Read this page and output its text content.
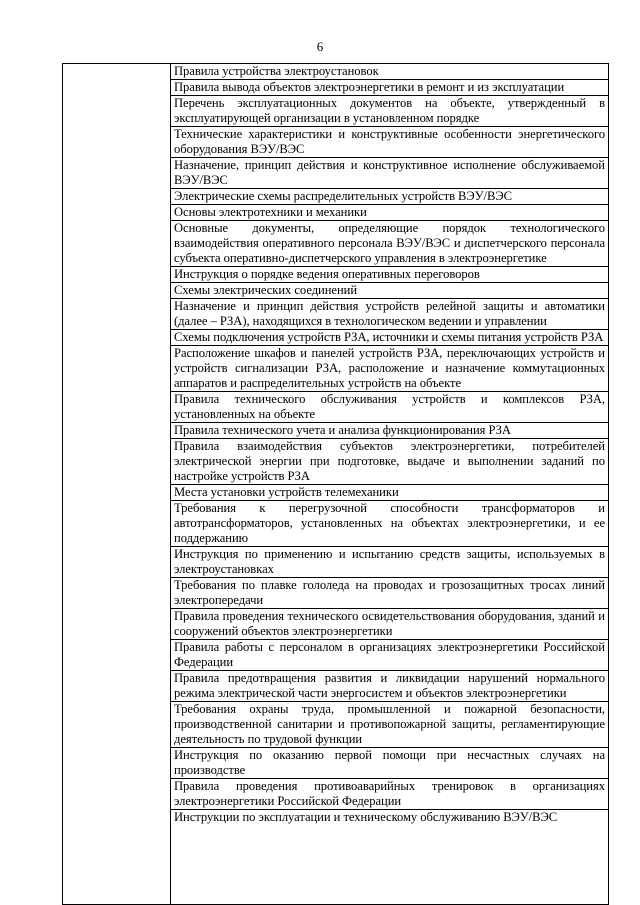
6

Правила устройства электроустановок
Правила вывода объектов электроэнергетики в ремонт и из эксплуатации
Перечень эксплуатационных документов на объекте, утвержденный в эксплуатирующей организации в установленном порядке
Технические характеристики и конструктивные особенности энергетического оборудования ВЭУ/ВЭС
Назначение, принцип действия и конструктивное исполнение обслуживаемой ВЭУ/ВЭС
Электрические схемы распределительных устройств ВЭУ/ВЭС
Основы электротехники и механики
Основные документы, определяющие порядок технологического взаимодействия оперативного персонала ВЭУ/ВЭС и диспетчерского персонала субъекта оперативно-диспетчерского управления в электроэнергетике
Инструкция о порядке ведения оперативных переговоров
Схемы электрических соединений
Назначение и принцип действия устройств релейной защиты и автоматики (далее – РЗА), находящихся в технологическом ведении и управлении
Схемы подключения устройств РЗА, источники и схемы питания устройств РЗА
Расположение шкафов и панелей устройств РЗА, переключающих устройств и устройств сигнализации РЗА, расположение и назначение коммутационных аппаратов и распределительных устройств на объекте
Правила технического обслуживания устройств и комплексов РЗА, установленных на объекте
Правила технического учета и анализа функционирования РЗА
Правила взаимодействия субъектов электроэнергетики, потребителей электрической энергии при подготовке, выдаче и выполнении заданий по настройке устройств РЗА
Места установки устройств телемеханики
Требования к перегрузочной способности трансформаторов и автотрансформаторов, установленных на объектах электроэнергетики, и ее поддержанию
Инструкция по применению и испытанию средств защиты, используемых в электроустановках
Требования по плавке гололеда на проводах и грозозащитных тросах линий электропередачи
Правила проведения технического освидетельствования оборудования, зданий и сооружений объектов электроэнергетики
Правила работы с персоналом в организациях электроэнергетики Российской Федерации
Правила предотвращения развития и ликвидации нарушений нормального режима электрической части энергосистем и объектов электроэнергетики
Требования охраны труда, промышленной и пожарной безопасности, производственной санитарии и противопожарной защиты, регламентирующие деятельность по трудовой функции
Инструкция по оказанию первой помощи при несчастных случаях на производстве
Правила проведения противоаварийных тренировок в организациях электроэнергетики Российской Федерации
Инструкции по эксплуатации и техническому обслуживанию ВЭУ/ВЭС
